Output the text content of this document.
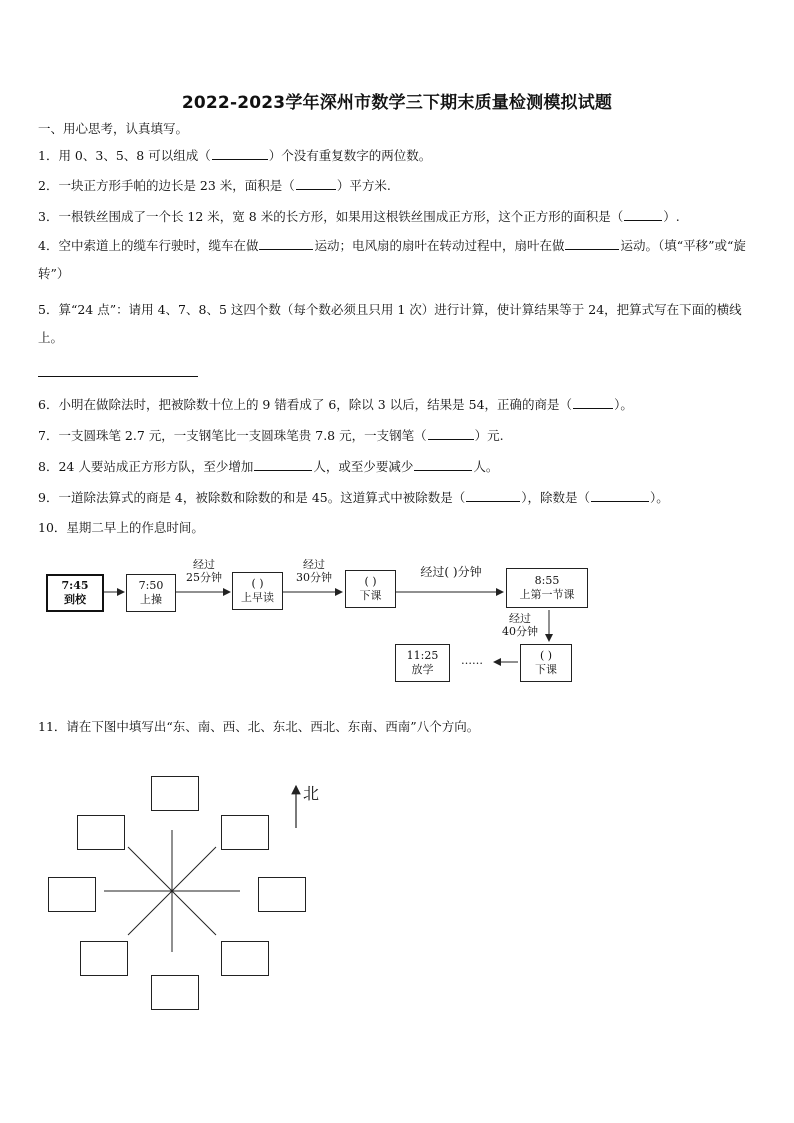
2022-2023学年深州市数学三下期末质量检测模拟试题
一、用心思考，认真填写。
1．用 0、3、5、8 可以组成（	）个没有重复数字的两位数。
2．一块正方形手帕的边长是 23 米，面积是（	）平方米.
3．一根铁丝围成了一个长 12 米，宽 8 米的长方形，如果用这根铁丝围成正方形，这个正方形的面积是（	）.
4．空中索道上的缆车行驶时，缆车在做	运动；电风扇的扇叶在转动过程中，扇叶在做	运动。（填“平移”或“旋转”）
5．算“24 点”：请用 4、7、8、5 这四个数（每个数必须且只用 1 次）进行计算，使计算结果等于 24，把算式写在下面的横线上。
6．小明在做除法时，把被除数十位上的 9 错看成了 6，除以 3 以后，结果是 54，正确的商是（	）。
7．一支圆珠笔 2.7 元，一支钢笔比一支圆珠笔贵 7.8 元，一支钢笔（	）元.
8．24 人要站成正方形方队，至少增加	人，或至少要减少	人。
9．一道除法算式的商是 4，被除数和除数的和是 45。这道算式中被除数是（	），除数是（	）。
10．星期二早上的作息时间。
7:45
到校
7:50
上操
经过
25分钟	( )
上早读
经过
30分钟	( )
下课
经过( )分钟
8:55
上第一节课
经过
40分钟
( )
下课
……
11:25
放学
11．请在下图中填写出“东、南、西、北、东北、西北、东南、西南”八个方向。
北
